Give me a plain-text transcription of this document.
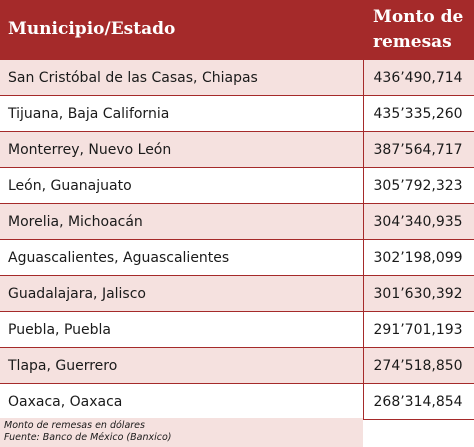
Municipio/Estado	Monto de remesas
San Cristóbal de las Casas, Chiapas	436’490,714
Tijuana, Baja California	435’335,260
Monterrey, Nuevo León	387’564,717
León, Guanajuato	305’792,323
Morelia, Michoacán	304’340,935
Aguascalientes, Aguascalientes	302’198,099
Guadalajara, Jalisco	301’630,392
Puebla, Puebla	291’701,193
Tlapa, Guerrero	274’518,850
Oaxaca, Oaxaca	268’314,854
Monto de remesas en dólares
Fuente: Banco de México (Banxico)
